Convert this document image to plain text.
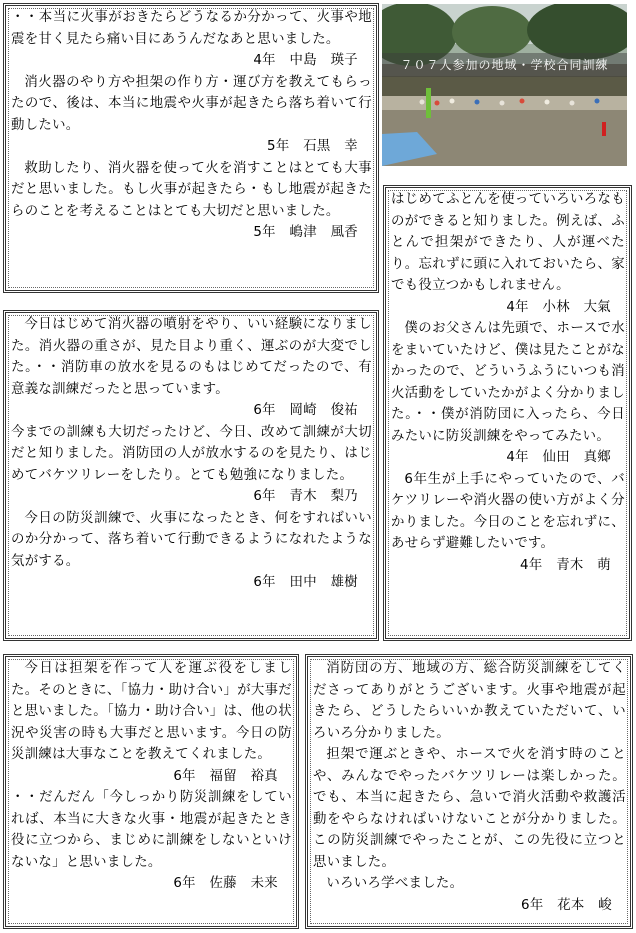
・・本当に火事がおきたらどうなるか分かって、火事や地震を甘く見たら痛い目にあうんだなあと思いました。

4年　中島　瑛子

消火器のやり方や担架の作り方・運び方を教えてもらったので、後は、本当に地震や火事が起きたら落ち着いて行動したい。

5年　石黒　幸

救助したり、消火器を使って火を消すことはとても大事だと思いました。もし火事が起きたら・もし地震が起きたらのことを考えることはとても大切だと思いました。

5年　嶋津　風香

７０７人参加の地域・学校合同訓練

はじめてふとんを使っていろいろなものができると知りました。例えば、ふとんで担架ができたり、人が運べたり。忘れずに頭に入れておいたら、家でも役立つかもしれません。

4年　小林　大氣

僕のお父さんは先頭で、ホースで水をまいていたけど、僕は見たことがなかったので、どういうふうにいつも消火活動をしていたかがよく分かりました。・・僕が消防団に入ったら、今日みたいに防災訓練をやってみたい。

4年　仙田　真鄉

6年生が上手にやっていたので、バケツリレーや消火器の使い方がよく分かりました。今日のことを忘れずに、あせらず避難したいです。

4年　青木　萌

今日はじめて消火器の噴射をやり、いい経験になりました。消火器の重さが、見た目より重く、運ぶのが大変でした。・・消防車の放水を見るのもはじめてだったので、有意義な訓練だったと思っています。

6年　岡崎　俊祐

今までの訓練も大切だったけど、今日、改めて訓練が大切だと知りました。消防団の人が放水するのを見たり、はじめてバケツリレーをしたり。とても勉強になりました。

6年　青木　梨乃

今日の防災訓練で、火事になったとき、何をすればいいのか分かって、落ち着いて行動できるようになれたような気がする。

6年　田中　雄樹

今日は担架を作って人を運ぶ役をしました。そのときに、「協力・助け合い」が大事だと思いました。「協力・助け合い」は、他の状況や災害の時も大事だと思います。今日の防災訓練は大事なことを教えてくれました。

6年　福留　裕真

・・だんだん「今しっかり防災訓練をしていれば、本当に大きな火事・地震が起きたとき役に立つから、まじめに訓練をしないといけないな」と思いました。

6年　佐藤　未来

消防団の方、地域の方、総合防災訓練をしてくださってありがとうございます。火事や地震が起きたら、どうしたらいいか教えていただいて、いろいろ分かりました。

担架で運ぶときや、ホースで火を消す時のことや、みんなでやったバケツリレーは楽しかった。でも、本当に起きたら、急いで消火活動や救護活動をやらなければいけないことが分かりました。この防災訓練でやったことが、この先役に立つと思いました。

いろいろ学べました。

6年　花本　峻
